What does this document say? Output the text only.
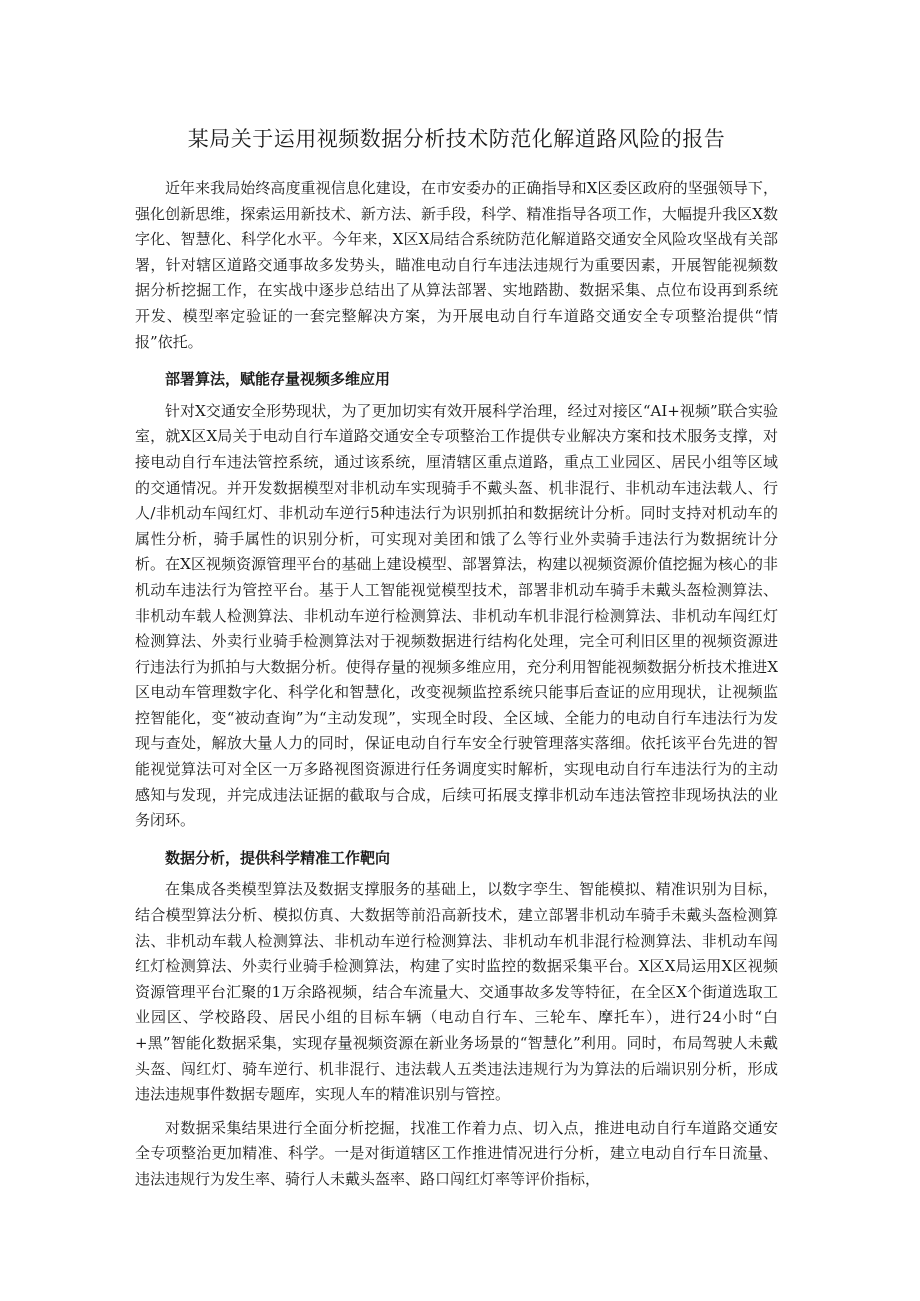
某局关于运用视频数据分析技术防范化解道路风险的报告

近年来我局始终高度重视信息化建设，在市安委办的正确指导和X区委区政府的坚强领导下，强化创新思维，探索运用新技术、新方法、新手段，科学、精准指导各项工作，大幅提升我区X数字化、智慧化、科学化水平。今年来，X区X局结合系统防范化解道路交通安全风险攻坚战有关部署，针对辖区道路交通事故多发势头，瞄准电动自行车违法违规行为重要因素，开展智能视频数据分析挖掘工作，在实战中逐步总结出了从算法部署、实地踏勘、数据采集、点位布设再到系统开发、模型率定验证的一套完整解决方案，为开展电动自行车道路交通安全专项整治提供“情报”依托。

部署算法，赋能存量视频多维应用

针对X交通安全形势现状，为了更加切实有效开展科学治理，经过对接区“AI+视频”联合实验室，就X区X局关于电动自行车道路交通安全专项整治工作提供专业解决方案和技术服务支撑，对接电动自行车违法管控系统，通过该系统，厘清辖区重点道路，重点工业园区、居民小组等区域的交通情况。并开发数据模型对非机动车实现骑手不戴头盔、机非混行、非机动车违法载人、行人/非机动车闯红灯、非机动车逆行5种违法行为识别抓拍和数据统计分析。同时支持对机动车的属性分析，骑手属性的识别分析，可实现对美团和饿了么等行业外卖骑手违法行为数据统计分析。在X区视频资源管理平台的基础上建设模型、部署算法，构建以视频资源价值挖掘为核心的非机动车违法行为管控平台。基于人工智能视觉模型技术，部署非机动车骑手未戴头盔检测算法、非机动车载人检测算法、非机动车逆行检测算法、非机动车机非混行检测算法、非机动车闯红灯检测算法、外卖行业骑手检测算法对于视频数据进行结构化处理，完全可利旧区里的视频资源进行违法行为抓拍与大数据分析。使得存量的视频多维应用，充分利用智能视频数据分析技术推进X区电动车管理数字化、科学化和智慧化，改变视频监控系统只能事后查证的应用现状，让视频监控智能化，变“被动查询”为“主动发现”，实现全时段、全区域、全能力的电动自行车违法行为发现与查处，解放大量人力的同时，保证电动自行车安全行驶管理落实落细。依托该平台先进的智能视觉算法可对全区一万多路视图资源进行任务调度实时解析，实现电动自行车违法行为的主动感知与发现，并完成违法证据的截取与合成，后续可拓展支撑非机动车违法管控非现场执法的业务闭环。

数据分析，提供科学精准工作靶向

在集成各类模型算法及数据支撑服务的基础上，以数字孪生、智能模拟、精准识别为目标，结合模型算法分析、模拟仿真、大数据等前沿高新技术，建立部署非机动车骑手未戴头盔检测算法、非机动车载人检测算法、非机动车逆行检测算法、非机动车机非混行检测算法、非机动车闯红灯检测算法、外卖行业骑手检测算法，构建了实时监控的数据采集平台。X区X局运用X区视频资源管理平台汇聚的1万余路视频，结合车流量大、交通事故多发等特征，在全区X个街道选取工业园区、学校路段、居民小组的目标车辆（电动自行车、三轮车、摩托车），进行24小时“白+黑”智能化数据采集，实现存量视频资源在新业务场景的“智慧化”利用。同时，布局驾驶人未戴头盔、闯红灯、骑车逆行、机非混行、违法载人五类违法违规行为为算法的后端识别分析，形成违法违规事件数据专题库，实现人车的精准识别与管控。

对数据采集结果进行全面分析挖掘，找准工作着力点、切入点，推进电动自行车道路交通安全专项整治更加精准、科学。一是对街道辖区工作推进情况进行分析，建立电动自行车日流量、违法违规行为发生率、骑行人未戴头盔率、路口闯红灯率等评价指标，
